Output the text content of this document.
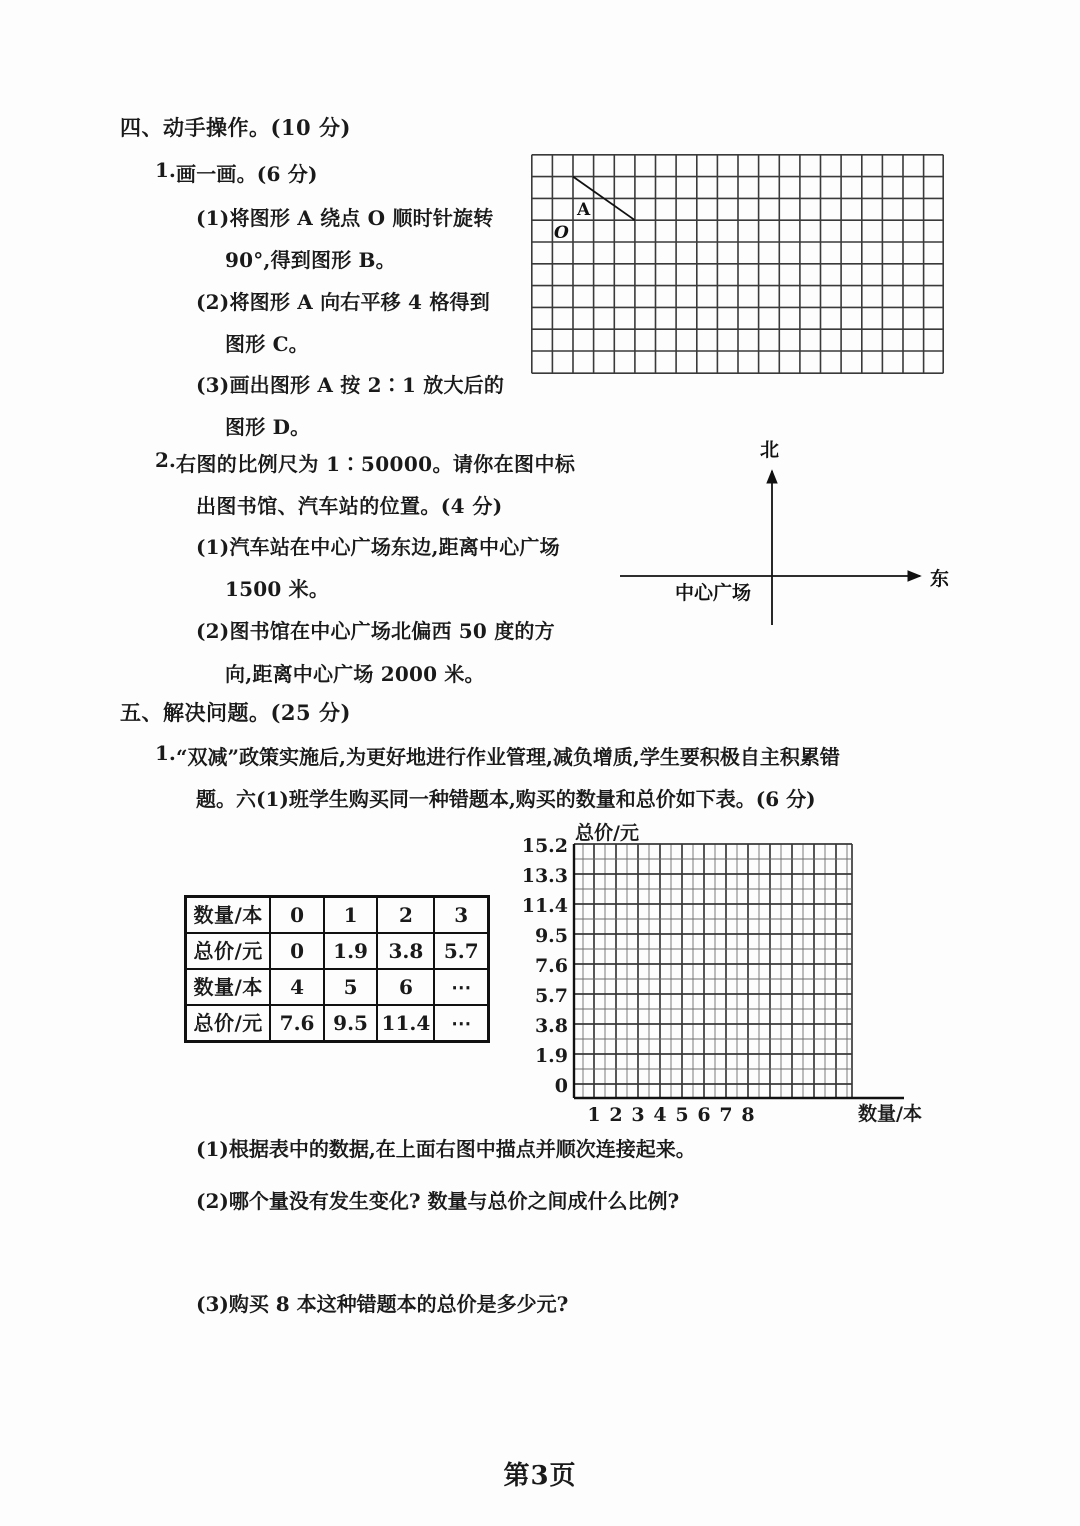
四、动手操作。(10 分)
1. 画一画。(6 分)
(1)将图形 A 绕点 O 顺时针旋转
90°,得到图形 B。
(2)将图形 A 向右平移 4 格得到
图形 C。
(3)画出图形 A 按 2∶1 放大后的
图形 D。
A
O
2. 右图的比例尺为 1∶50000。请你在图中标
出图书馆、汽车站的位置。(4 分)
(1)汽车站在中心广场东边,距离中心广场
1500 米。
(2)图书馆在中心广场北偏西 50 度的方
向,距离中心广场 2000 米。
北
东
中心广场
五、解决问题。(25 分)
1. “双减”政策实施后,为更好地进行作业管理,减负增质,学生要积极自主积累错
题。六(1)班学生购买同一种错题本,购买的数量和总价如下表。(6 分)
数量/本	0	1	2	3
总价/元	0	1.9	3.8	5.7
数量/本	4	5	6	⋯
总价/元	7.6	9.5	11.4	⋯
总价/元
15.2
13.3
11.4
9.5
7.6
5.7
3.8
1.9
0
1 2 3 4 5 6 7 8	数量/本
(1)根据表中的数据,在上面右图中描点并顺次连接起来。
(2)哪个量没有发生变化? 数量与总价之间成什么比例?
(3)购买 8 本这种错题本的总价是多少元?
第3页
